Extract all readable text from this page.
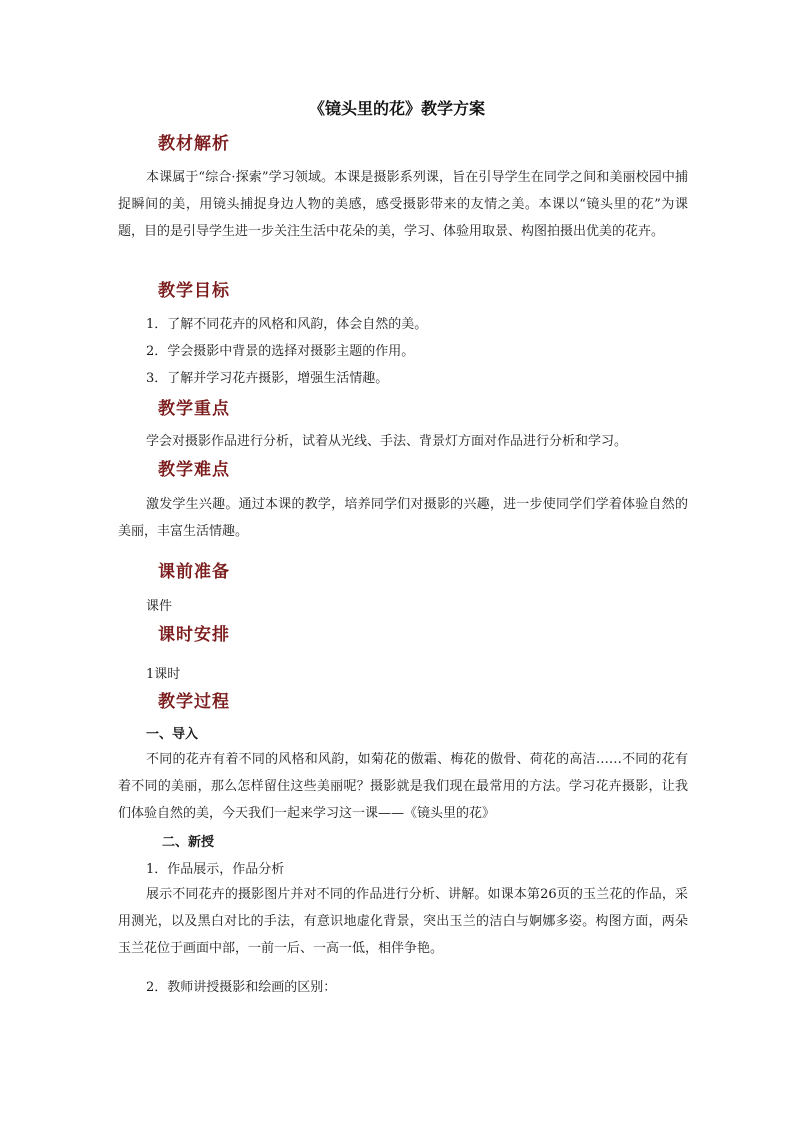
《镜头里的花》教学方案
教材解析
本课属于“综合·探索”学习领域。本课是摄影系列课，旨在引导学生在同学之间和美丽校园中捕捉瞬间的美，用镜头捕捉身边人物的美感，感受摄影带来的友情之美。本课以“镜头里的花”为课题，目的是引导学生进一步关注生活中花朵的美，学习、体验用取景、构图拍摄出优美的花卉。
教学目标
1．了解不同花卉的风格和风韵，体会自然的美。
2．学会摄影中背景的选择对摄影主题的作用。
3．了解并学习花卉摄影，增强生活情趣。
教学重点
学会对摄影作品进行分析，试着从光线、手法、背景灯方面对作品进行分析和学习。
教学难点
激发学生兴趣。通过本课的教学，培养同学们对摄影的兴趣，进一步使同学们学着体验自然的美丽，丰富生活情趣。
课前准备
课件
课时安排
1课时
教学过程
一、导入
不同的花卉有着不同的风格和风韵，如菊花的傲霜、梅花的傲骨、荷花的高洁……不同的花有着不同的美丽，那么怎样留住这些美丽呢？摄影就是我们现在最常用的方法。学习花卉摄影，让我们体验自然的美，今天我们一起来学习这一课——《镜头里的花》
二、新授
1．作品展示，作品分析
展示不同花卉的摄影图片并对不同的作品进行分析、讲解。如课本第26页的玉兰花的作品，采用测光，以及黑白对比的手法，有意识地虚化背景，突出玉兰的洁白与婀娜多姿。构图方面，两朵玉兰花位于画面中部，一前一后、一高一低，相伴争艳。
2．教师讲授摄影和绘画的区别：
